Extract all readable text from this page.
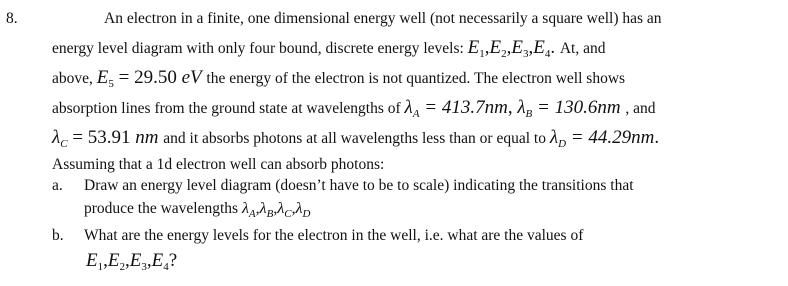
8.	An electron in a finite, one dimensional energy well (not necessarily a square well) has an
energy level diagram with only four bound, discrete energy levels: $E_1,E_2,E_3,E_4$. At, and
above, $E_5 = 29.50$ eV the energy of the electron is not quantized. The electron well shows
absorption lines from the ground state at wavelengths of $\lambda_A = 413.7nm$, $\lambda_B = 130.6nm$ , and
$\lambda_C = 53.91$ nm and it absorbs photons at all wavelengths less than or equal to $\lambda_D = 44.29nm$.
Assuming that a 1d electron well can absorb photons:
a. Draw an energy level diagram (doesn’t have to be to scale) indicating the transitions that
produce the wavelengths $\lambda_A,\lambda_B,\lambda_C,\lambda_D$
b. What are the energy levels for the electron in the well, i.e. what are the values of
$E_1,E_2,E_3,E_4$?
